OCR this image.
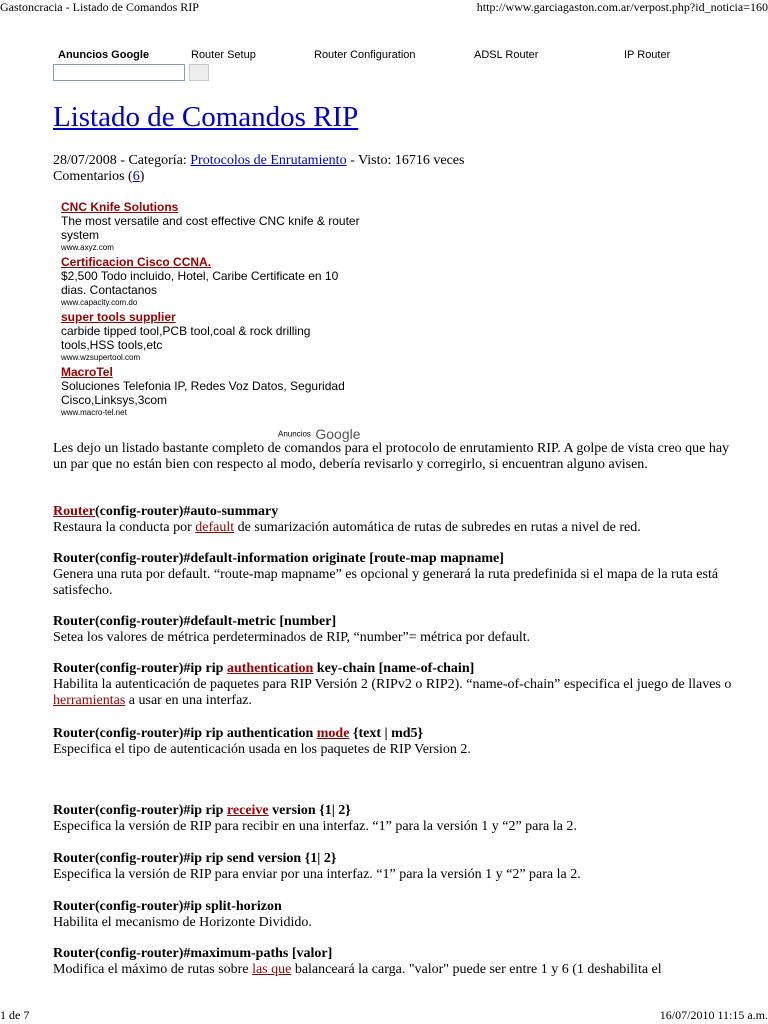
Gastoncracia - Listado de Comandos RIP	http://www.garciagaston.com.ar/verpost.php?id_noticia=160
Anuncios Google	Router Setup	Router Configuration	ADSL Router	IP Router
Listado de Comandos RIP
28/07/2008 - Categoría: Protocolos de Enrutamiento - Visto: 16716 veces
Comentarios (6)
CNC Knife Solutions
The most versatile and cost effective CNC knife & router system
www.axyz.com
Certificacion Cisco CCNA.
$2,500 Todo incluido, Hotel, Caribe Certificate en 10 dias. Contactanos
www.capacity.com.do
super tools supplier
carbide tipped tool,PCB tool,coal & rock drilling tools,HSS tools,etc
www.wzsupertool.com
MacroTel
Soluciones Telefonia IP, Redes Voz Datos, Seguridad Cisco,Linksys,3com
www.macro-tel.net
Anuncios Google
Les dejo un listado bastante completo de comandos para el protocolo de enrutamiento RIP. A golpe de vista creo que hay un par que no están bien con respecto al modo, debería revisarlo y corregirlo, si encuentran alguno avisen.
Router(config-router)#auto-summary
Restaura la conducta por default de sumarización automática de rutas de subredes en rutas a nivel de red.
Router(config-router)#default-information originate [route-map mapname]
Genera una ruta por default. “route-map mapname” es opcional y generará la ruta predefinida si el mapa de la ruta está satisfecho.
Router(config-router)#default-metric [number]
Setea los valores de métrica perdeterminados de RIP, “number”= métrica por default.
Router(config-router)#ip rip authentication key-chain [name-of-chain]
Habilita la autenticación de paquetes para RIP Versión 2 (RIPv2 o RIP2). “name-of-chain” especifica el juego de llaves o herramientas a usar en una interfaz.
Router(config-router)#ip rip authentication mode {text | md5}
Especifica el tipo de autenticación usada en los paquetes de RIP Version 2.
Router(config-router)#ip rip receive version {1| 2}
Especifica la versión de RIP para recibir en una interfaz. “1” para la versión 1 y “2” para la 2.
Router(config-router)#ip rip send version {1| 2}
Especifica la versión de RIP para enviar por una interfaz. “1” para la versión 1 y “2” para la 2.
Router(config-router)#ip split-horizon
Habilita el mecanismo de Horizonte Dividido.
Router(config-router)#maximum-paths [valor]
Modifica el máximo de rutas sobre las que balanceará la carga. "valor" puede ser entre 1 y 6 (1 deshabilita el
1 de 7	16/07/2010 11:15 a.m.
